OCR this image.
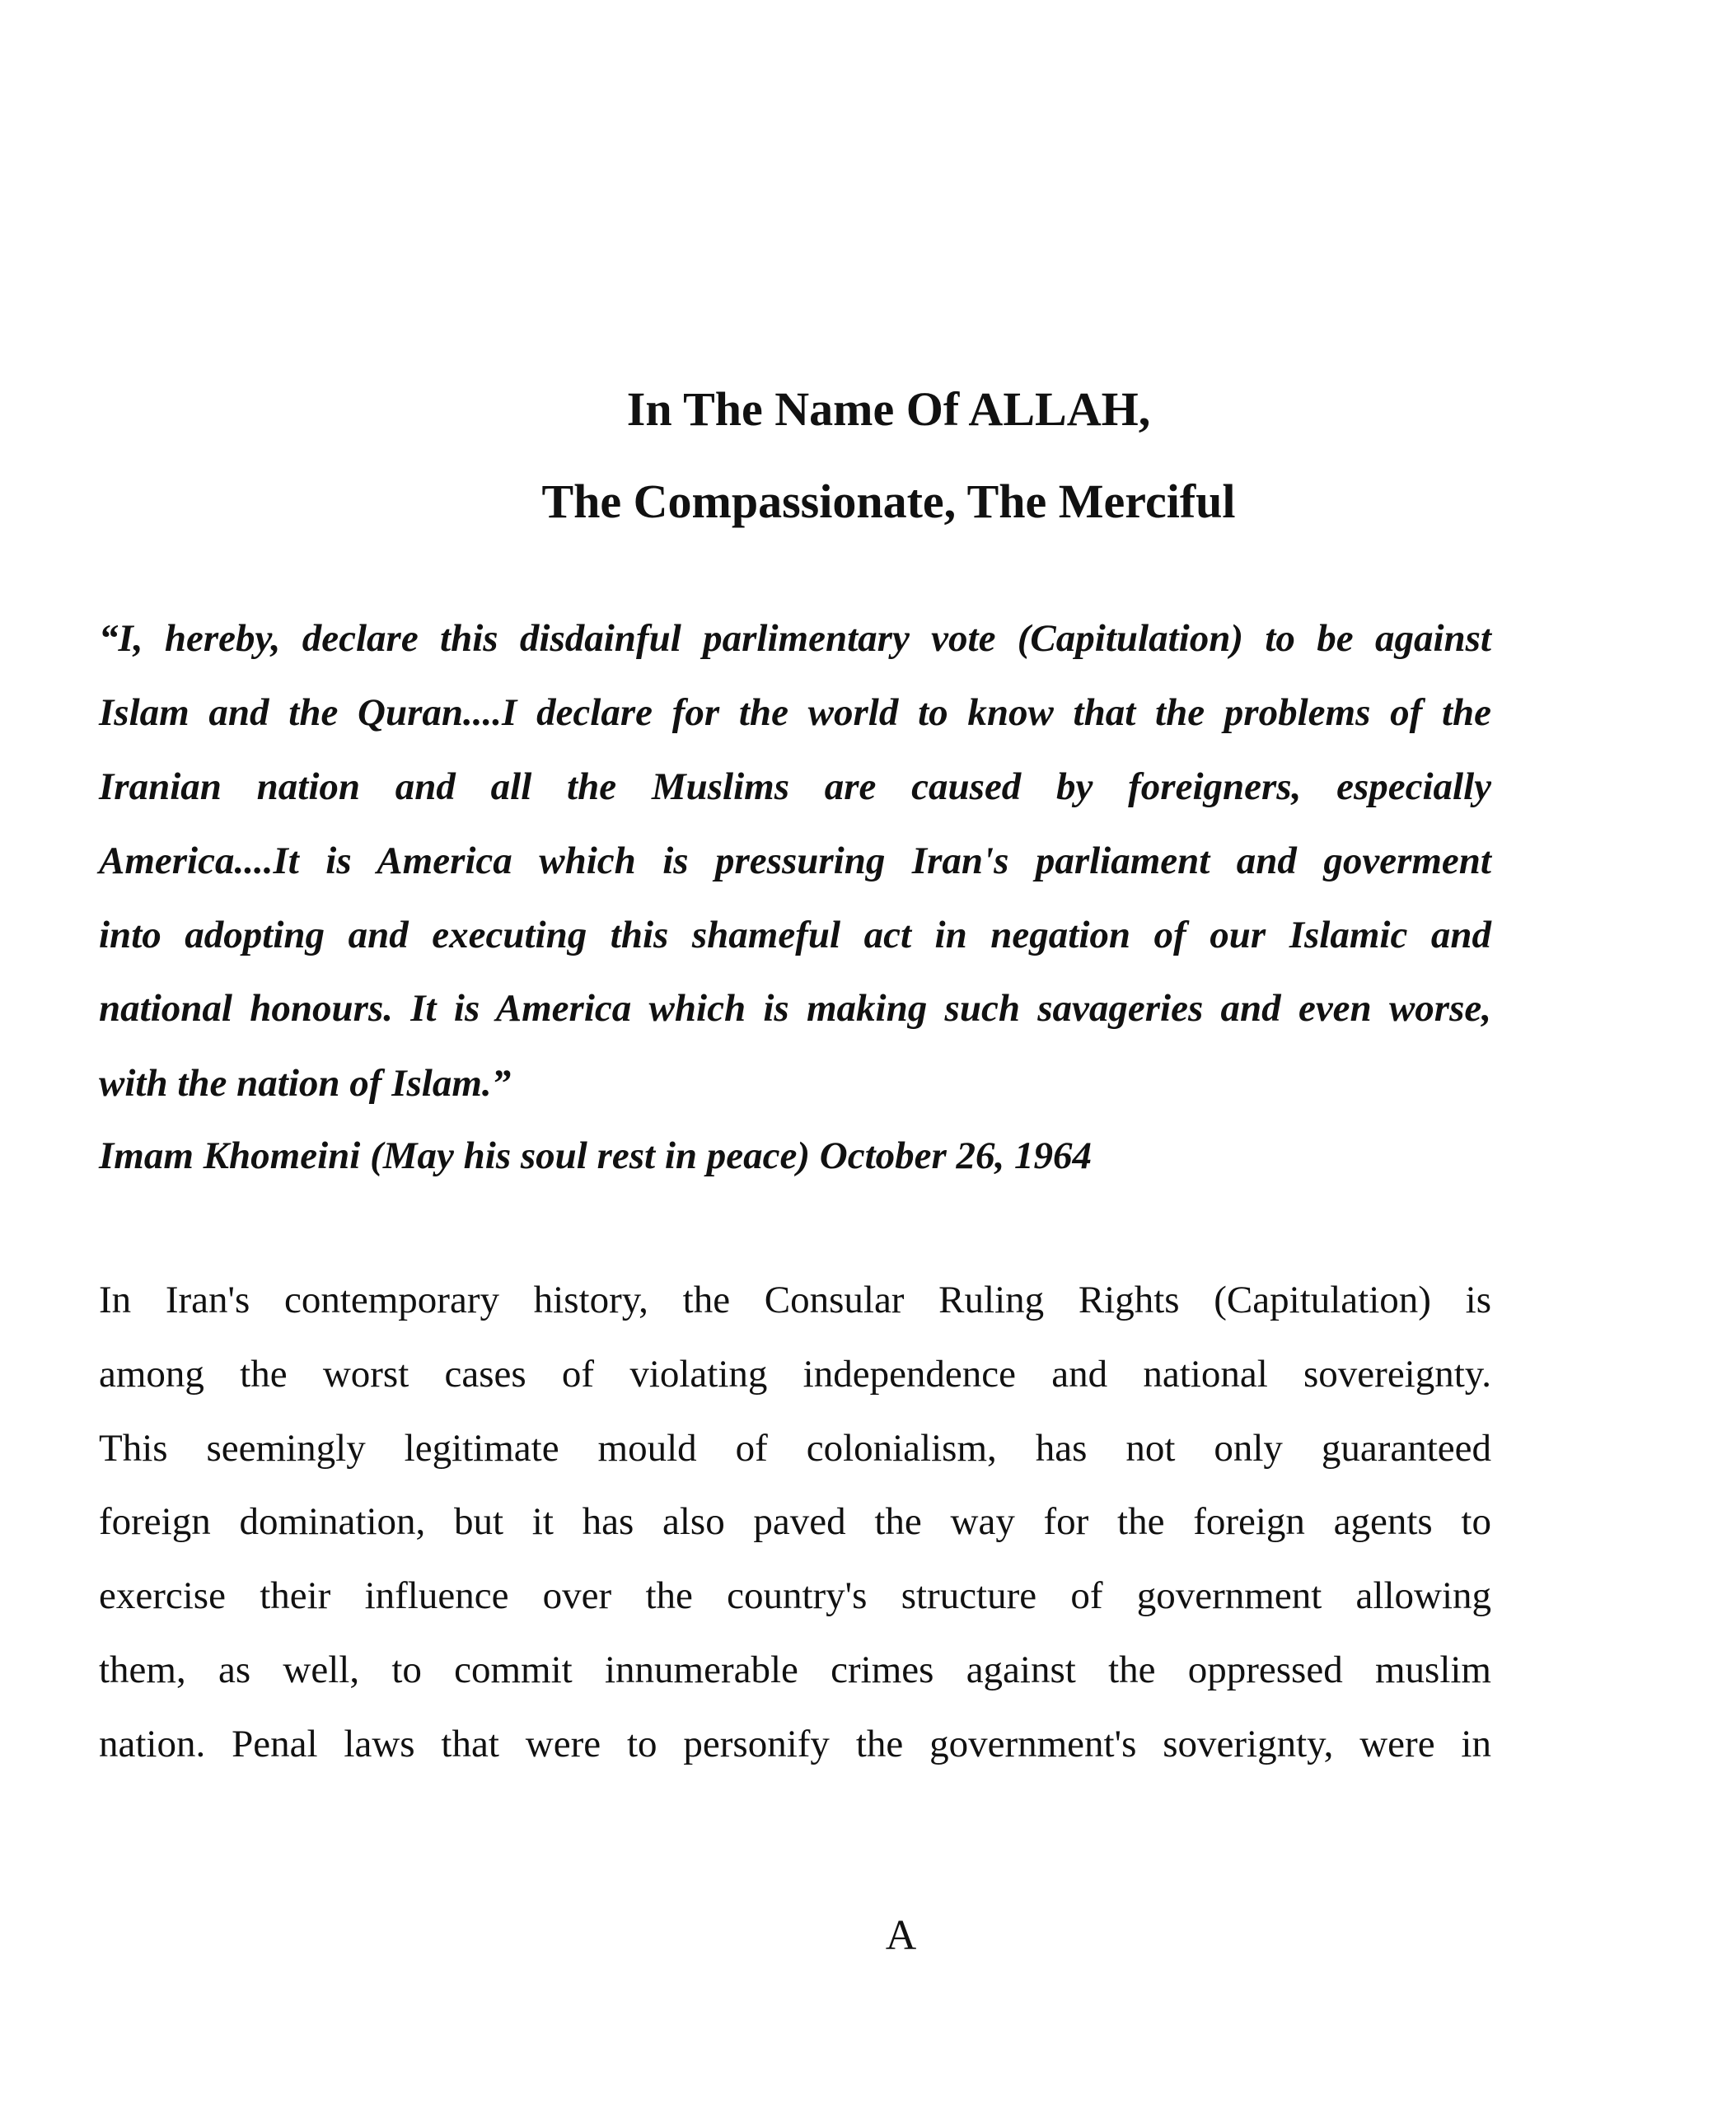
In The Name Of ALLAH,
The Compassionate, The Merciful
“I, hereby, declare this disdainful parlimentary vote (Capitulation) to be against
Islam and the Quran....I declare for the world to know that the problems of the
Iranian nation and all the Muslims are caused by foreigners, especially
America....It is America which is pressuring Iran's parliament and goverment
into adopting and executing this shameful act in negation of our Islamic and
national honours. It is America which is making such savageries and even worse,
with the nation of Islam.”
Imam Khomeini (May his soul rest in peace) October 26, 1964
In Iran's contemporary history, the Consular Ruling Rights (Capitulation) is
among the worst cases of violating independence and national sovereignty.
This seemingly legitimate mould of colonialism, has not only guaranteed
foreign domination, but it has also paved the way for the foreign agents to
exercise their influence over the country's structure of government allowing
them, as well, to commit innumerable crimes against the oppressed muslim
nation. Penal laws that were to personify the government's soverignty, were in
A
